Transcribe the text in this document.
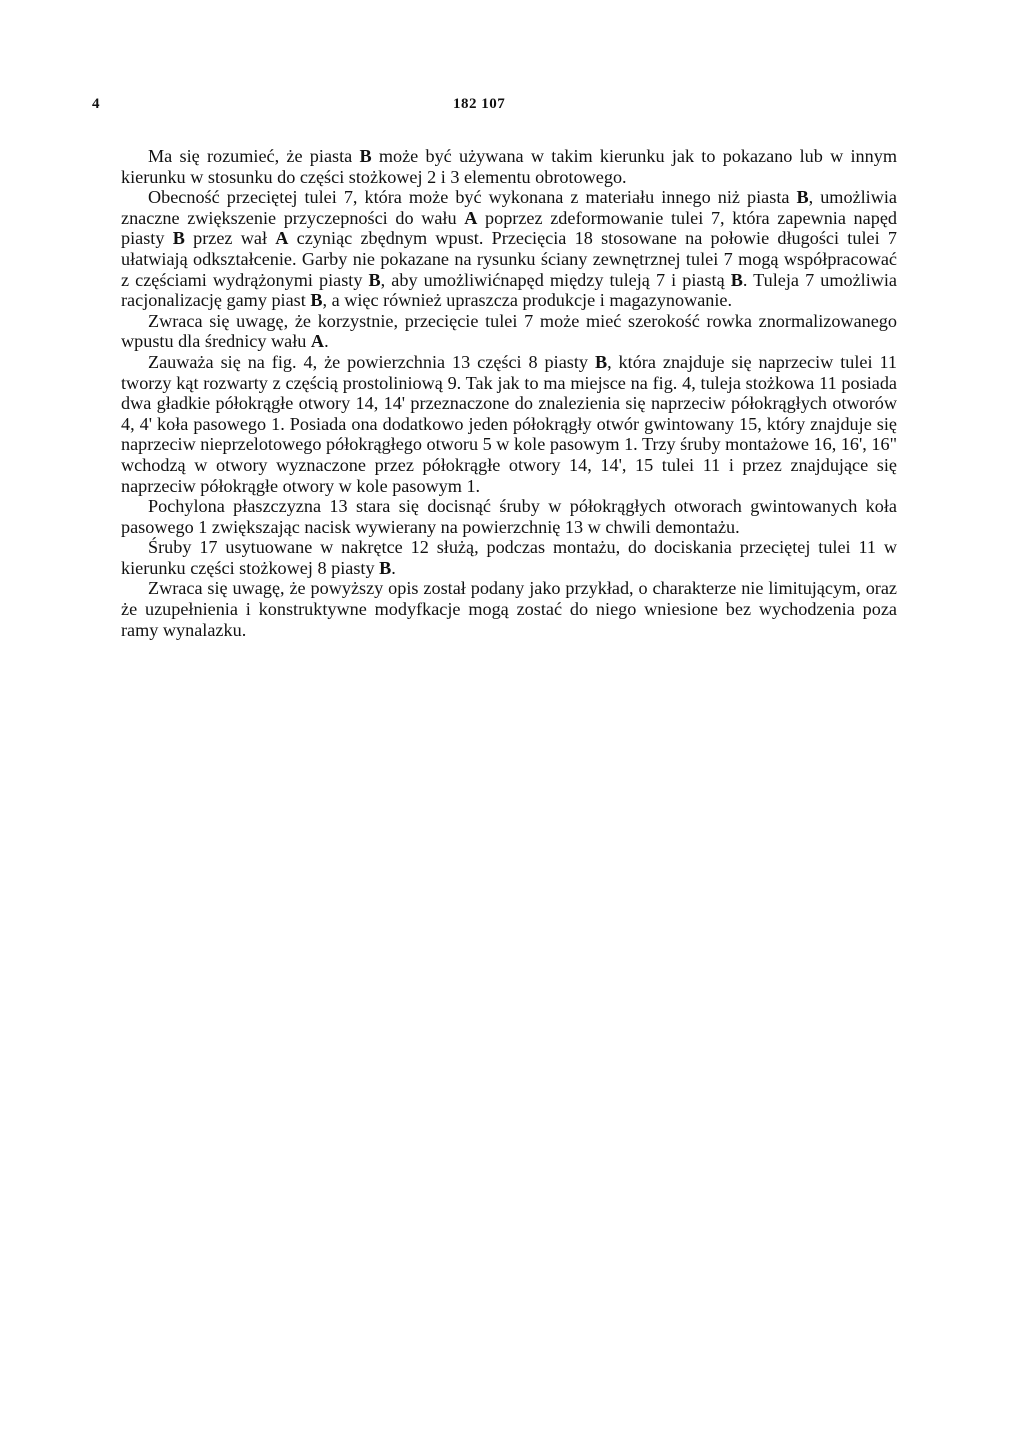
4	182 107

Ma się rozumieć, że piasta B może być używana w takim kierunku jak to pokazano lub w innym kierunku w stosunku do części stożkowej 2 i 3 elementu obrotowego.

Obecność przeciętej tulei 7, która może być wykonana z materiału innego niż piasta B, umożliwia znaczne zwiększenie przyczepności do wału A poprzez zdeformowanie tulei 7, która zapewnia napęd piasty B przez wał A czyniąc zbędnym wpust. Przecięcia 18 stosowane na połowie długości tulei 7 ułatwiają odkształcenie. Garby nie pokazane na rysunku ściany zewnętrznej tulei 7 mogą współpracować z częściami wydrążonymi piasty B, aby umożliwićnapęd między tuleją 7 i piastą B. Tuleja 7 umożliwia racjonalizację gamy piast B, a więc również upraszcza produkcje i magazynowanie.

Zwraca się uwagę, że korzystnie, przecięcie tulei 7 może mieć szerokość rowka znormalizowanego wpustu dla średnicy wału A.

Zauważa się na fig. 4, że powierzchnia 13 części 8 piasty B, która znajduje się naprzeciw tulei 11 tworzy kąt rozwarty z częścią prostoliniową 9. Tak jak to ma miejsce na fig. 4, tuleja stożkowa 11 posiada dwa gładkie półokrągłe otwory 14, 14' przeznaczone do znalezienia się naprzeciw półokrągłych otworów 4, 4' koła pasowego 1. Posiada ona dodatkowo jeden półokrągły otwór gwintowany 15, który znajduje się naprzeciw nieprzelotowego półokrągłego otworu 5 w kole pasowym 1. Trzy śruby montażowe 16, 16', 16" wchodzą w otwory wyznaczone przez półokrągłe otwory 14, 14', 15 tulei 11 i przez znajdujące się naprzeciw półokrągłe otwory w kole pasowym 1.

Pochylona płaszczyzna 13 stara się docisnąć śruby w półokrągłych otworach gwintowanych koła pasowego 1 zwiększając nacisk wywierany na powierzchnię 13 w chwili demontażu.

Śruby 17 usytuowane w nakrętce 12 służą, podczas montażu, do dociskania przeciętej tulei 11 w kierunku części stożkowej 8 piasty B.

Zwraca się uwagę, że powyższy opis został podany jako przykład, o charakterze nie limitującym, oraz że uzupełnienia i konstruktywne modyfkacje mogą zostać do niego wniesione bez wychodzenia poza ramy wynalazku.
